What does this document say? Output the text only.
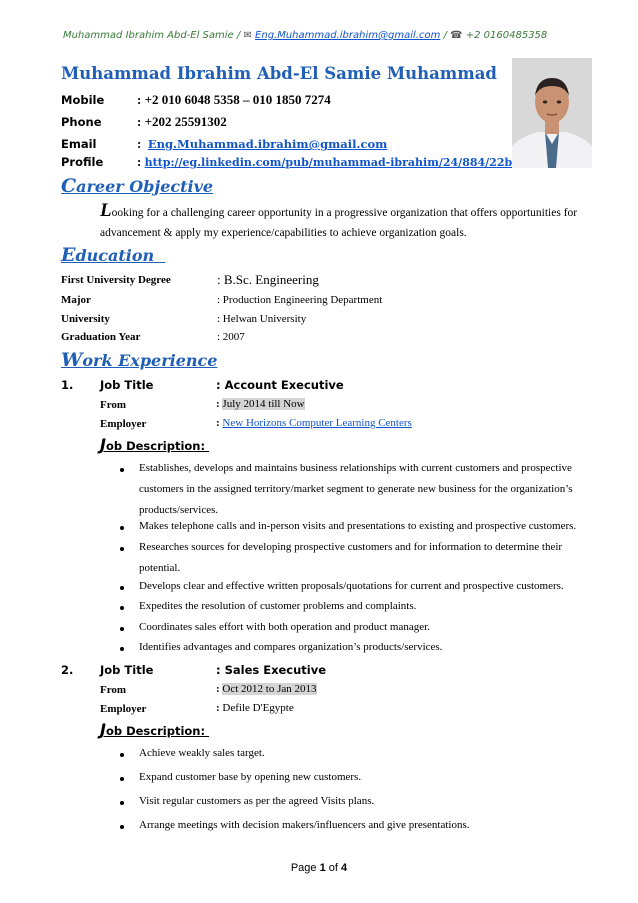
Muhammad Ibrahim Abd-El Samie / ✉ Eng.Muhammad.ibrahim@gmail.com / ☎ +2 0160485358
Muhammad Ibrahim Abd-El Samie Muhammad
Mobile	: +2 010 6048 5358 – 010 1850 7274
Phone	: +202 25591302
Email	: Eng.Muhammad.ibrahim@gmail.com
Profile	: http://eg.linkedin.com/pub/muhammad-ibrahim/24/884/22b
Career Objective
Looking for a challenging career opportunity in a progressive organization that offers opportunities for
advancement & apply my experience/capabilities to achieve organization goals.
Education
First University Degree	: B.Sc. Engineering
Major	: Production Engineering Department
University	: Helwan University
Graduation Year	: 2007
Work Experience
1. Job Title	: Account Executive
From	: July 2014 till Now
Employer	: New Horizons Computer Learning Centers
Job Description:
Establishes, develops and maintains business relationships with current customers and prospective
customers in the assigned territory/market segment to generate new business for the organization’s
products/services.
Makes telephone calls and in-person visits and presentations to existing and prospective customers.
Researches sources for developing prospective customers and for information to determine their
potential.
Develops clear and effective written proposals/quotations for current and prospective customers.
Expedites the resolution of customer problems and complaints.
Coordinates sales effort with both operation and product manager.
Identifies advantages and compares organization’s products/services.
2. Job Title	: Sales Executive
From	: Oct 2012 to Jan 2013
Employer	: Defile D'Egypte
Job Description:
Achieve weakly sales target.
Expand customer base by opening new customers.
Visit regular customers as per the agreed Visits plans.
Arrange meetings with decision makers/influencers and give presentations.
Page 1 of 4
